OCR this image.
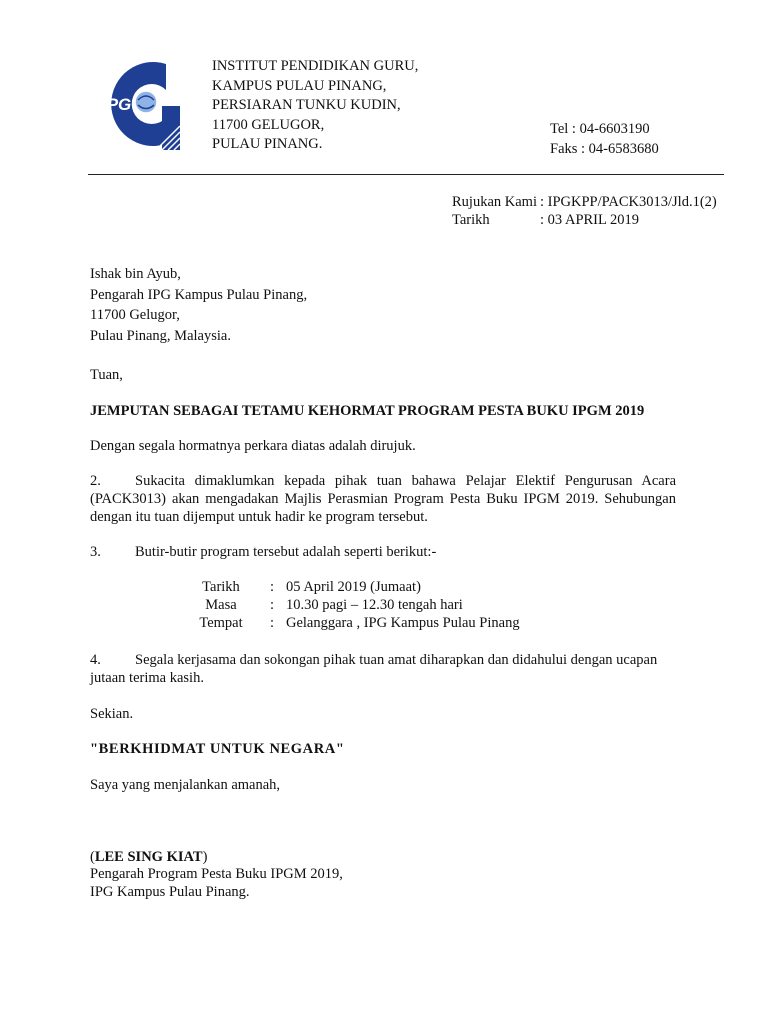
IPG
INSTITUT PENDIDIKAN GURU,
KAMPUS PULAU PINANG,
PERSIARAN TUNKU KUDIN,
11700 GELUGOR,
PULAU PINANG.
Tel : 04-6603190
Faks : 04-6583680
Rujukan Kami : IPGKPP/PACK3013/Jld.1(2)
Tarikh	: 03 APRIL 2019
Ishak bin Ayub,
Pengarah IPG Kampus Pulau Pinang,
11700 Gelugor,
Pulau Pinang, Malaysia.
Tuan,
JEMPUTAN SEBAGAI TETAMU KEHORMAT PROGRAM PESTA BUKU IPGM 2019
Dengan segala hormatnya perkara diatas adalah dirujuk.
2. Sukacita dimaklumkan kepada pihak tuan bahawa Pelajar Elektif Pengurusan Acara (PACK3013) akan mengadakan Majlis Perasmian Program Pesta Buku IPGM 2019. Sehubungan dengan itu tuan dijemput untuk hadir ke program tersebut.
3. Butir-butir program tersebut adalah seperti berikut:-
Tarikh	: 05 April 2019 (Jumaat)
Masa	: 10.30 pagi – 12.30 tengah hari
Tempat	: Gelanggara , IPG Kampus Pulau Pinang
4. Segala kerjasama dan sokongan pihak tuan amat diharapkan dan didahului dengan ucapan jutaan terima kasih.
Sekian.
"BERKHIDMAT UNTUK NEGARA"
Saya yang menjalankan amanah,
(LEE SING KIAT)
Pengarah Program Pesta Buku IPGM 2019,
IPG Kampus Pulau Pinang.
